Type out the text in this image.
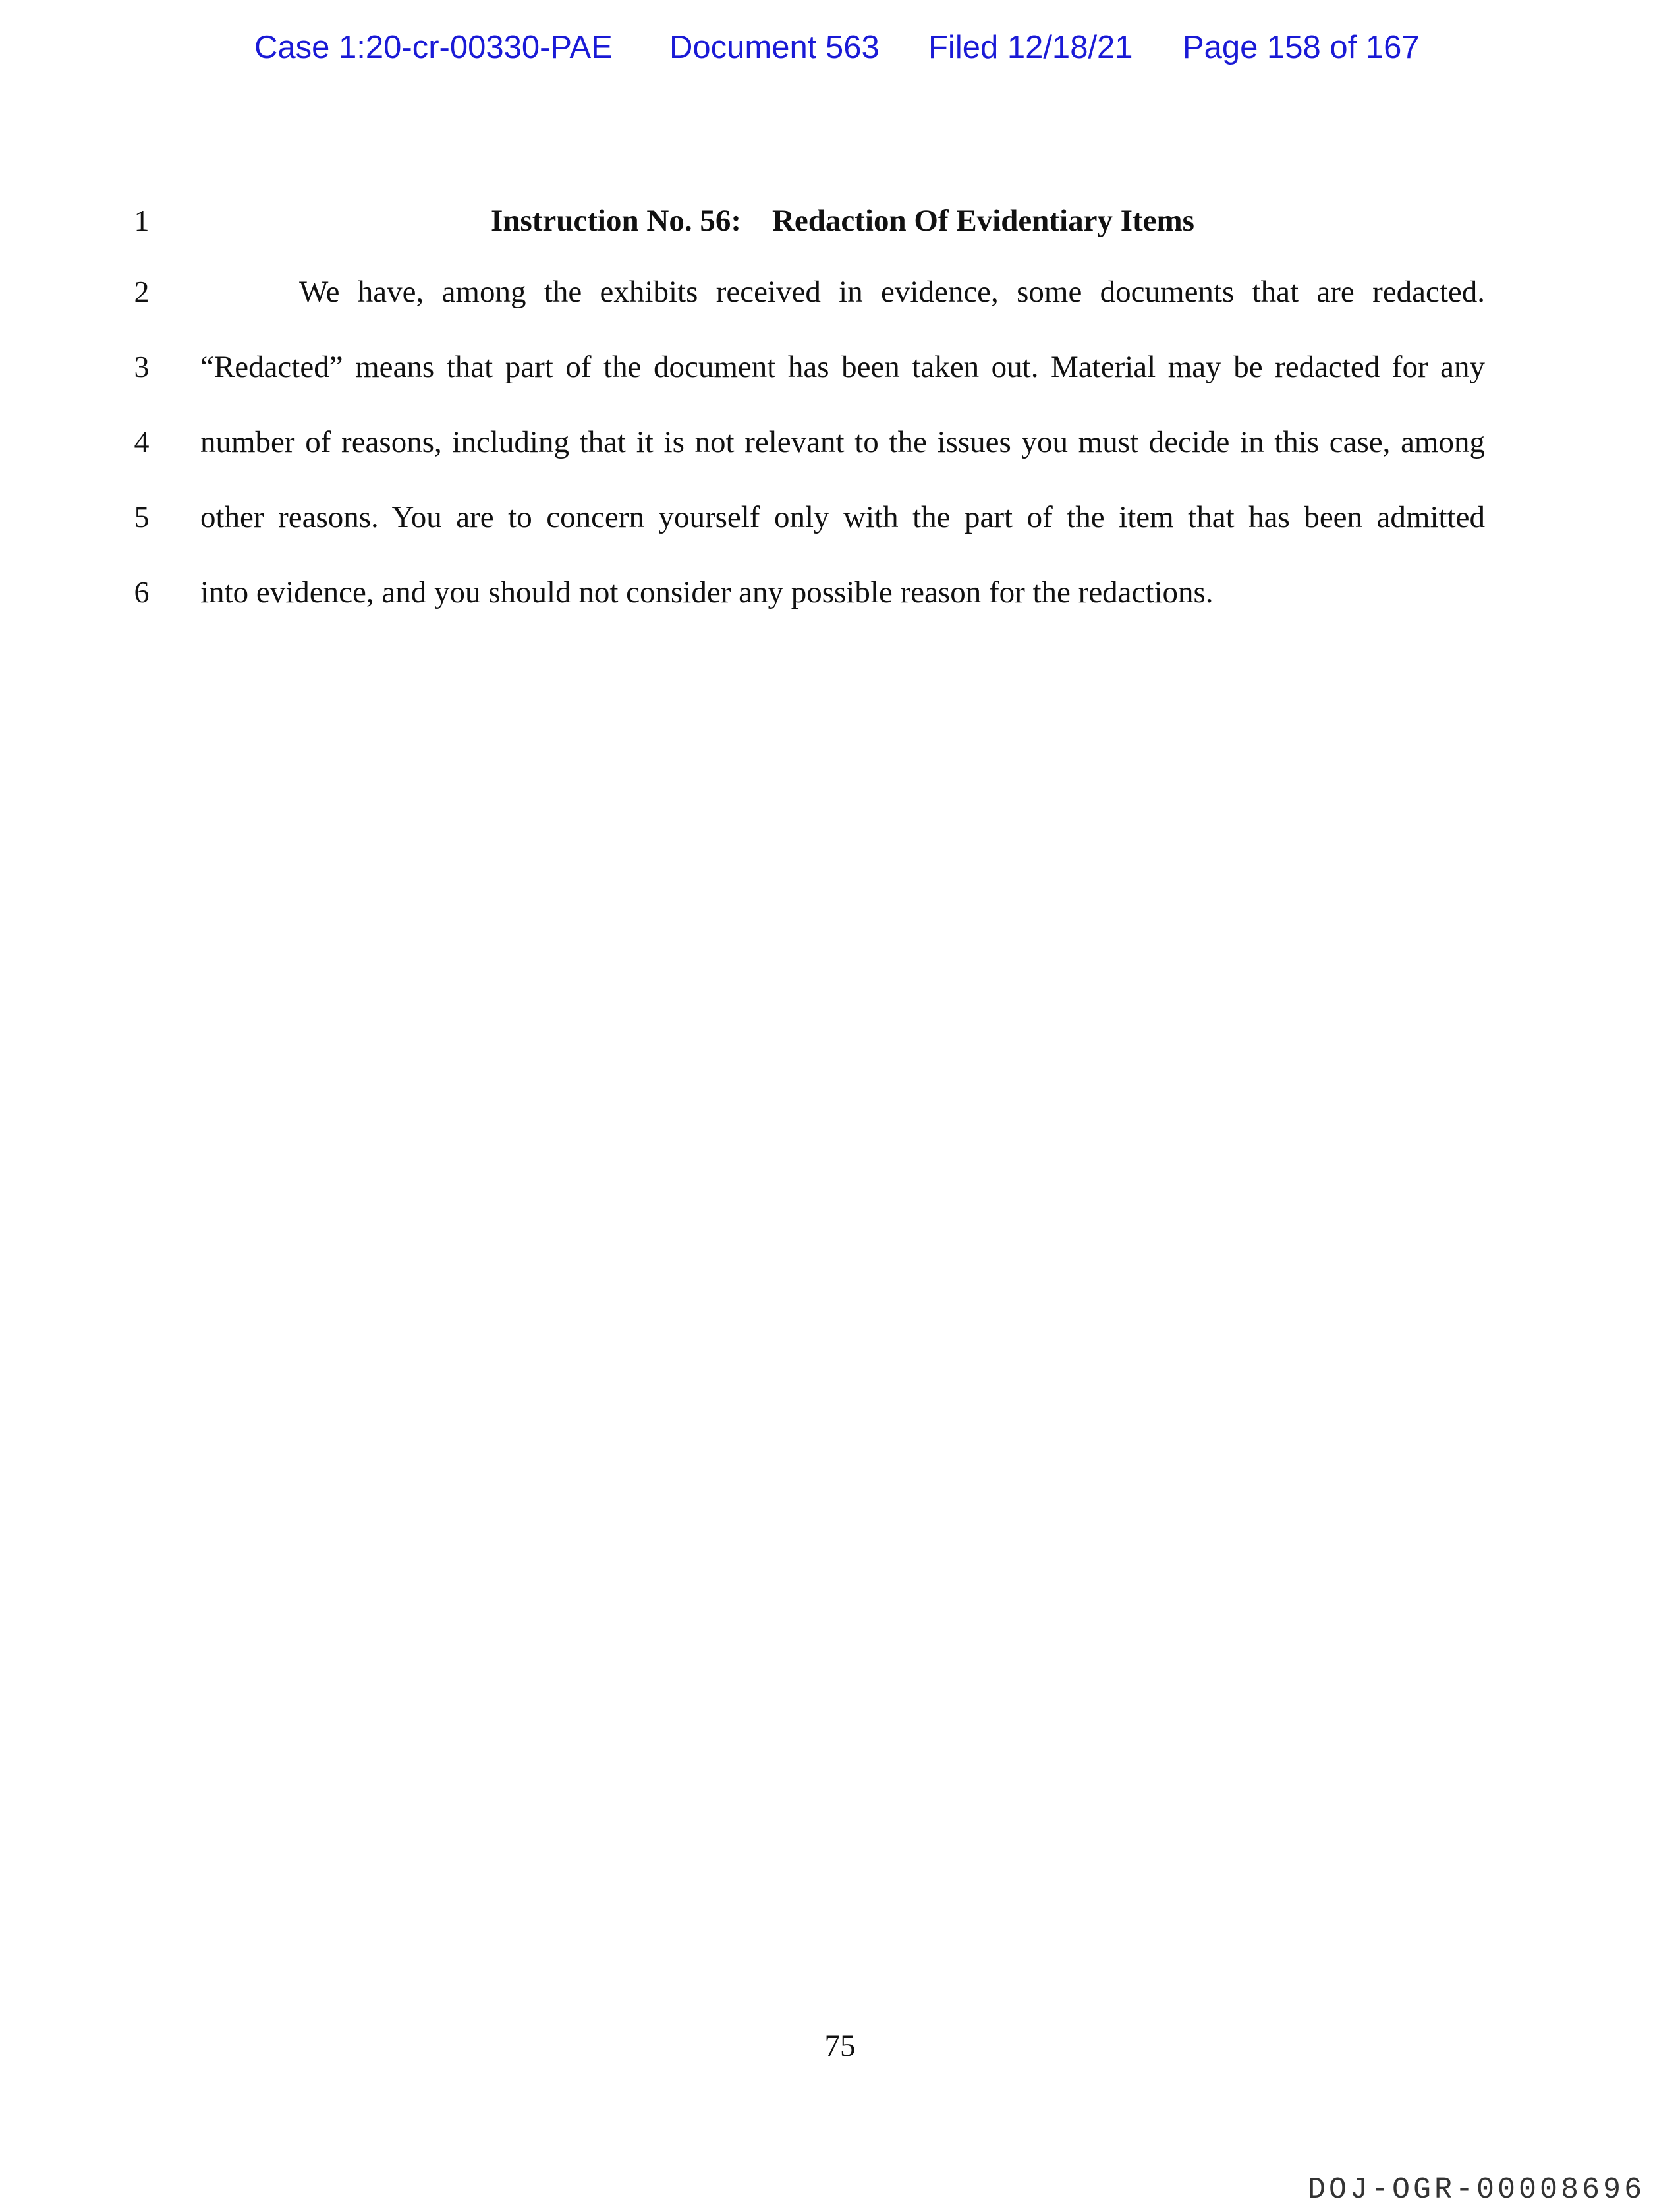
Case 1:20-cr-00330-PAE Document 563 Filed 12/18/21 Page 158 of 167
1
2
3
4
5
6
Instruction No. 56:    Redaction Of Evidentiary Items
We have, among the exhibits received in evidence, some documents that are redacted.
“Redacted” means that part of the document has been taken out. Material may be redacted for any
number of reasons, including that it is not relevant to the issues you must decide in this case, among
other reasons. You are to concern yourself only with the part of the item that has been admitted
into evidence, and you should not consider any possible reason for the redactions.
75
DOJ-OGR-00008696
